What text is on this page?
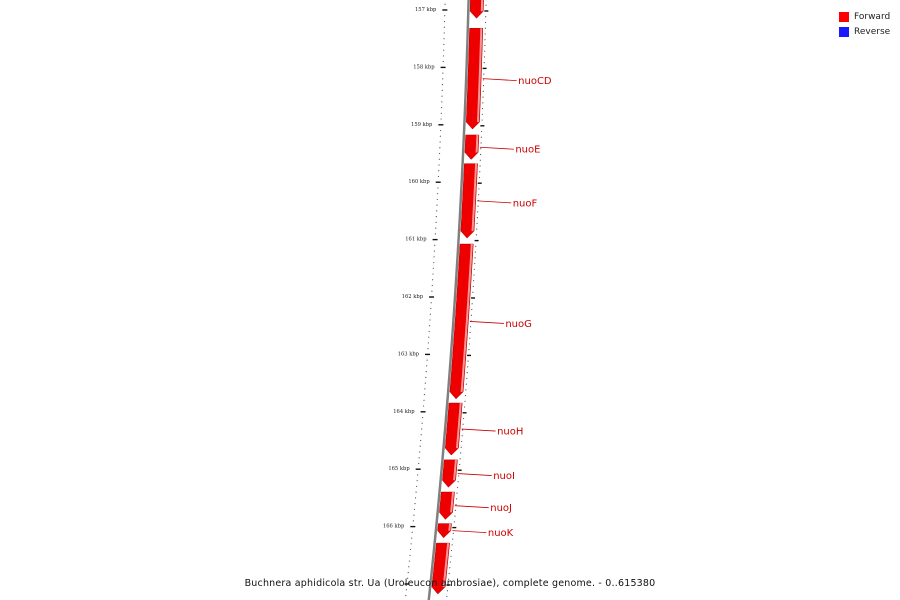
157 kbp
158 kbp
159 kbp
160 kbp
161 kbp
162 kbp
163 kbp
164 kbp
165 kbp
166 kbp
nuoCD
nuoE
nuoF
nuoG
nuoH
nuoI
nuoJ
nuoK
Forward
Reverse
Buchnera aphidicola str. Ua (Uroleucon ambrosiae), complete genome. - 0..615380
